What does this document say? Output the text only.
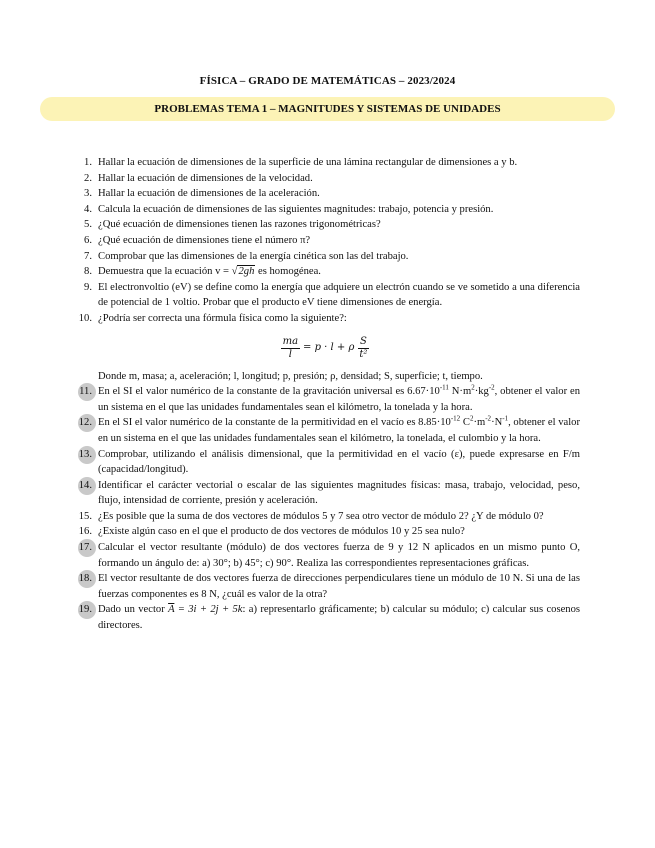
FÍSICA – GRADO DE MATEMÁTICAS – 2023/2024
PROBLEMAS TEMA 1 – MAGNITUDES Y SISTEMAS DE UNIDADES
1. Hallar la ecuación de dimensiones de la superficie de una lámina rectangular de dimensiones a y b.
2. Hallar la ecuación de dimensiones de la velocidad.
3. Hallar la ecuación de dimensiones de la aceleración.
4. Calcula la ecuación de dimensiones de las siguientes magnitudes: trabajo, potencia y presión.
5. ¿Qué ecuación de dimensiones tienen las razones trigonométricas?
6. ¿Qué ecuación de dimensiones tiene el número π?
7. Comprobar que las dimensiones de la energía cinética son las del trabajo.
8. Demuestra que la ecuación v = √2gh es homogénea.
9. El electronvoltio (eV) se define como la energía que adquiere un electrón cuando se ve sometido a una diferencia de potencial de 1 voltio. Probar que el producto eV tiene dimensiones de energía.
10. ¿Podría ser correcta una fórmula física como la siguiente?:
$\frac{ma}{l} = p \cdot l + \rho \frac{S}{\text{t²}}$
Donde m, masa; a, aceleración; l, longitud; p, presión; ρ, densidad; S, superficie; t, tiempo.
11. En el SI el valor numérico de la constante de la gravitación universal es $6.67\cdot 10^{-11}$ $N\cdot m^2\cdot kg^{-2}$, obtener el valor en un sistema en el que las unidades fundamentales sean el kilómetro, la tonelada y la hora.
12. En el SI el valor numérico de la constante de la permitividad en el vacío es $8.85\cdot 10^{-12}$ $C^2\cdot m^{-2}\cdot N^{-1}$, obtener el valor en un sistema en el que las unidades fundamentales sean el kilómetro, la tonelada, el culombio y la hora.
13. Comprobar, utilizando el análisis dimensional, que la permitividad en el vacío (ε), puede expresarse en F/m (capacidad/longitud).
14. Identificar el carácter vectorial o escalar de las siguientes magnitudes físicas: masa, trabajo, velocidad, peso, flujo, intensidad de corriente, presión y aceleración.
15. ¿Es posible que la suma de dos vectores de módulos 5 y 7 sea otro vector de módulo 2? ¿Y de módulo 0?
16. ¿Existe algún caso en el que el producto de dos vectores de módulos 10 y 25 sea nulo?
17. Calcular el vector resultante (módulo) de dos vectores fuerza de 9 y 12 N aplicados en un mismo punto O, formando un ángulo de: a) 30°; b) 45°; c) 90°. Realiza las correspondientes representaciones gráficas.
18. El vector resultante de dos vectores fuerza de direcciones perpendiculares tiene un módulo de 10 N. Si una de las fuerzas componentes es 8 N, ¿cuál es valor de la otra?
19. Dado un vector $\overline{A} = 3i + 2j + 5k$: a) representarlo gráficamente; b) calcular su módulo; c) calcular sus cosenos directores.
